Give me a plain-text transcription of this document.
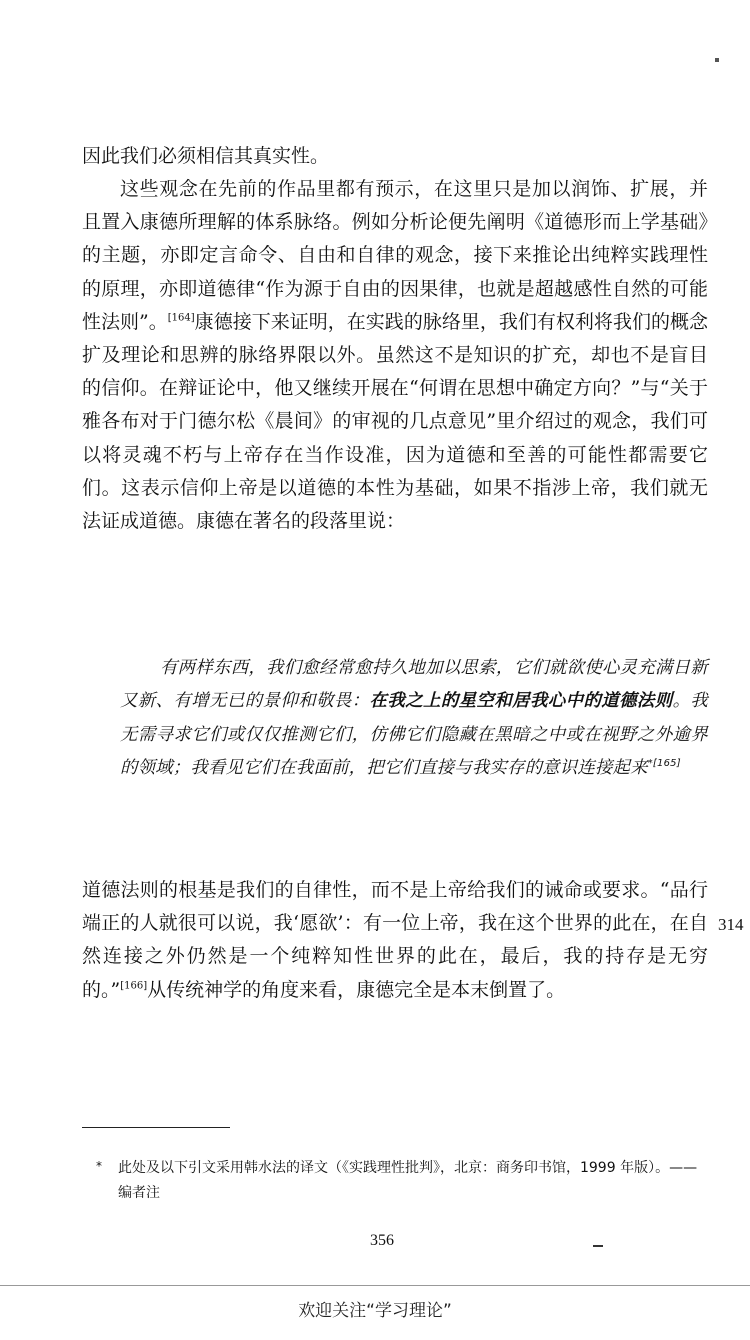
因此我们必须相信其真实性。

这些观念在先前的作品里都有预示，在这里只是加以润饰、扩展，并且置入康德所理解的体系脉络。例如分析论便先阐明《道德形而上学基础》的主题，亦即定言命令、自由和自律的观念，接下来推论出纯粹实践理性的原理，亦即道德律“作为源于自由的因果律，也就是超越感性自然的可能性法则”。[164]康德接下来证明，在实践的脉络里，我们有权利将我们的概念扩及理论和思辨的脉络界限以外。虽然这不是知识的扩充，却也不是盲目的信仰。在辩证论中，他又继续开展在“何谓在思想中确定方向？”与“关于雅各布对于门德尔松《晨间》的审视的几点意见”里介绍过的观念，我们可以将灵魂不朽与上帝存在当作设准，因为道德和至善的可能性都需要它们。这表示信仰上帝是以道德的本性为基础，如果不指涉上帝，我们就无法证成道德。康德在著名的段落里说：

有两样东西，我们愈经常愈持久地加以思索，它们就欲使心灵充满日新又新、有增无已的景仰和敬畏：在我之上的星空和居我心中的道德法则。我无需寻求它们或仅仅推测它们，仿佛它们隐藏在黑暗之中或在视野之外逾界的领域；我看见它们在我面前，把它们直接与我实存的意识连接起来$^{*[165]}$

道德法则的根基是我们的自律性，而不是上帝给我们的诫命或要求。“品行端正的人就很可以说，我‘愿欲’：有一位上帝，我在这个世界的此在，在自然连接之外仍然是一个纯粹知性世界的此在，最后，我的持存是无穷的。”[166]从传统神学的角度来看，康德完全是本末倒置了。

314
*	此处及以下引文采用韩水法的译文（《实践理性批判》，北京：商务印书馆，1999 年版）。——编者注
356
欢迎关注“学习理论”
